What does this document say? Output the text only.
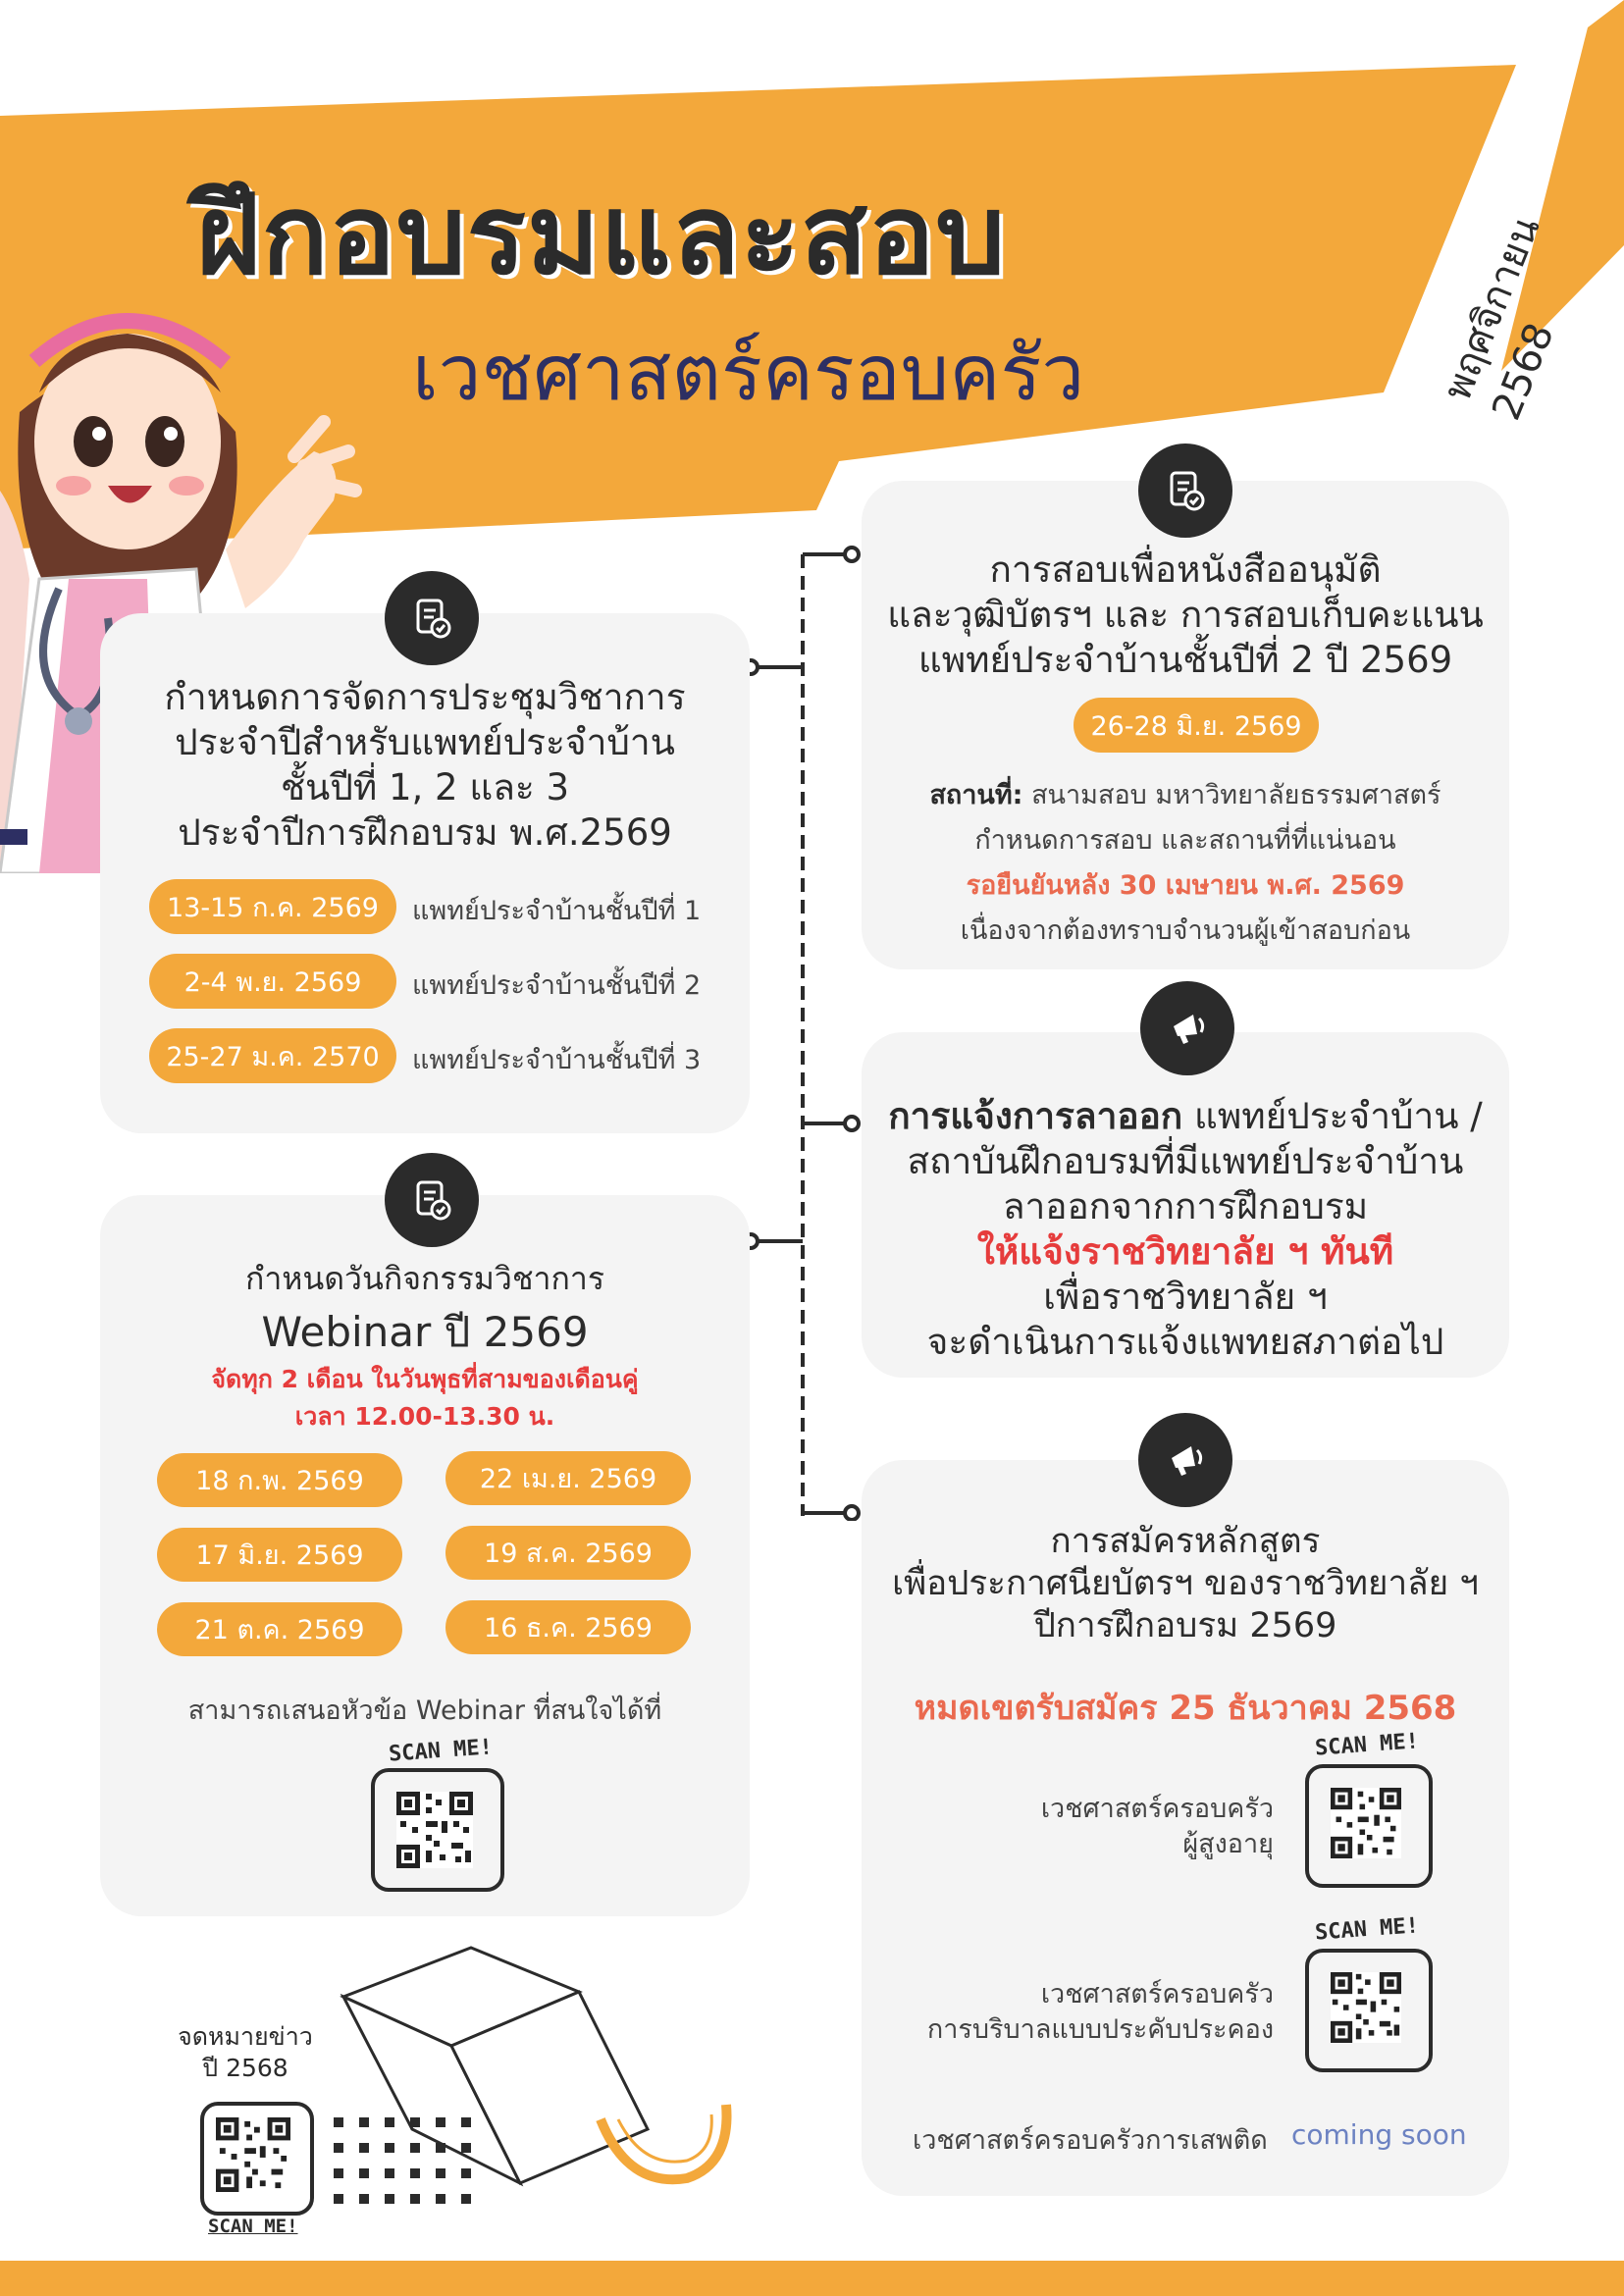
ฝึกอบรมและสอบ
เวชศาสตร์ครอบครัว	พฤศจิกายน 2568
กำหนดการจัดการประชุมวิชาการ
ประจำปีสำหรับแพทย์ประจำบ้าน
ชั้นปีที่ 1, 2 และ 3
ประจำปีการฝึกอบรม พ.ศ.2569
13-15 ก.ค. 2569	แพทย์ประจำบ้านชั้นปีที่ 1
2-4 พ.ย. 2569	แพทย์ประจำบ้านชั้นปีที่ 2
25-27 ม.ค. 2570	แพทย์ประจำบ้านชั้นปีที่ 3
กำหนดวันกิจกรรมวิชาการ
Webinar ปี 2569
จัดทุก 2 เดือน ในวันพุธที่สามของเดือนคู่
เวลา 12.00-13.30 น.
18 ก.พ. 2569	22 เม.ย. 2569
17 มิ.ย. 2569	19 ส.ค. 2569
21 ต.ค. 2569	16 ธ.ค. 2569
สามารถเสนอหัวข้อ Webinar ที่สนใจได้ที่
SCAN ME!
การสอบเพื่อหนังสืออนุมัติ
และวุฒิบัตรฯ และ การสอบเก็บคะแนน
แพทย์ประจำบ้านชั้นปีที่ 2 ปี 2569
26-28 มิ.ย. 2569
สถานที่: สนามสอบ มหาวิทยาลัยธรรมศาสตร์
กำหนดการสอบ และสถานที่ที่แน่นอน
รอยืนยันหลัง 30 เมษายน พ.ศ. 2569
เนื่องจากต้องทราบจำนวนผู้เข้าสอบก่อน
การแจ้งการลาออก แพทย์ประจำบ้าน /
สถาบันฝึกอบรมที่มีแพทย์ประจำบ้าน
ลาออกจากการฝึกอบรม
ให้แจ้งราชวิทยาลัย ฯ ทันที
เพื่อราชวิทยาลัย ฯ
จะดำเนินการแจ้งแพทยสภาต่อไป
การสมัครหลักสูตร
เพื่อประกาศนียบัตรฯ ของราชวิทยาลัย ฯ
ปีการฝึกอบรม 2569
หมดเขตรับสมัคร 25 ธันวาคม 2568
เวชศาสตร์ครอบครัว
ผู้สูงอายุ
SCAN ME!
เวชศาสตร์ครอบครัว
การบริบาลแบบประคับประคอง
SCAN ME!
เวชศาสตร์ครอบครัวการเสพติด coming soon
จดหมายข่าว
ปี 2568
SCAN ME!
